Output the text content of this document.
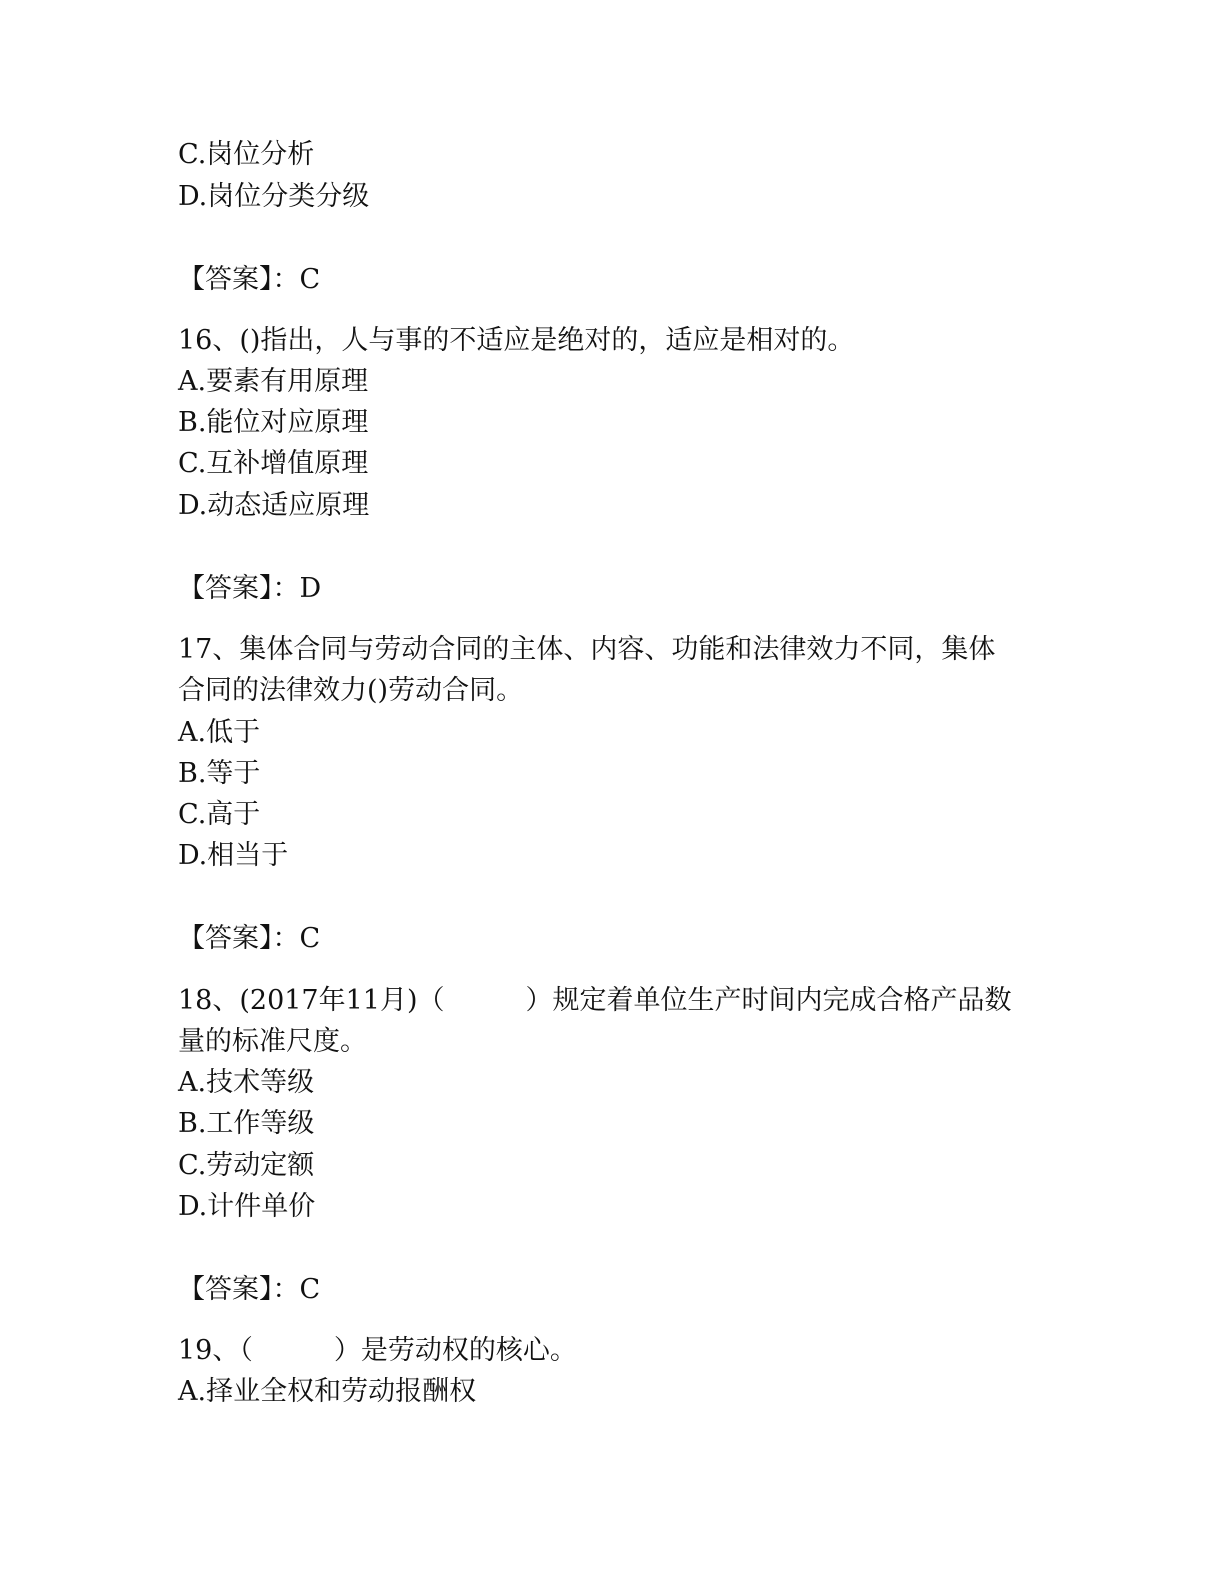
C.岗位分析
D.岗位分类分级
【答案】：C
16、()指出，人与事的不适应是绝对的，适应是相对的。
A.要素有用原理
B.能位对应原理
C.互补增值原理
D.动态适应原理
【答案】：D
17、集体合同与劳动合同的主体、内容、功能和法律效力不同，集体
合同的法律效力()劳动合同。
A.低于
B.等于
C.高于
D.相当于
【答案】：C
18、(2017年11月)（　　　）规定着单位生产时间内完成合格产品数
量的标准尺度。
A.技术等级
B.工作等级
C.劳动定额
D.计件单价
【答案】：C
19、（　　　）是劳动权的核心。
A.择业全权和劳动报酬权
